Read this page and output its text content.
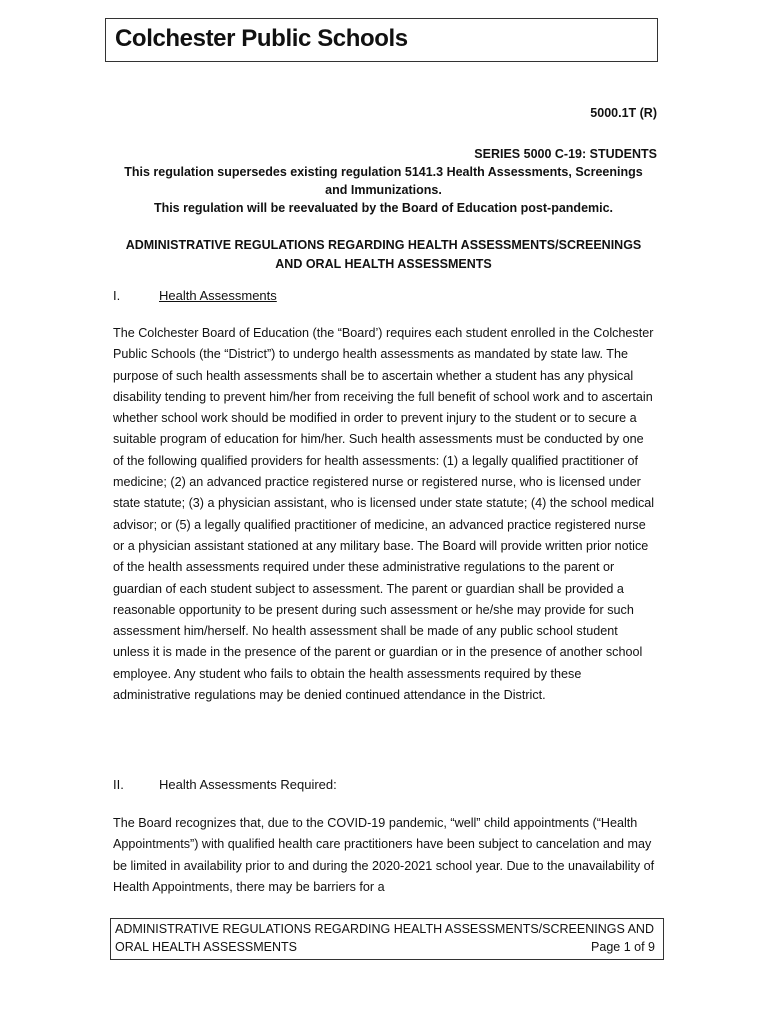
Colchester Public Schools
5000.1T (R)
SERIES 5000 C-19: STUDENTS
This regulation supersedes existing regulation 5141.3 Health Assessments, Screenings
and Immunizations.
This regulation will be reevaluated by the Board of Education post-pandemic.
ADMINISTRATIVE REGULATIONS REGARDING HEALTH ASSESSMENTS/SCREENINGS
AND ORAL HEALTH ASSESSMENTS
I.	Health Assessments
The Colchester Board of Education (the “Board’) requires each student enrolled in the Colchester Public Schools (the “District”) to undergo health assessments as mandated by state law. The purpose of such health assessments shall be to ascertain whether a student has any physical disability tending to prevent him/her from receiving the full benefit of school work and to ascertain whether school work should be modified in order to prevent injury to the student or to secure a suitable program of education for him/her. Such health assessments must be conducted by one of the following qualified providers for health assessments: (1) a legally qualified practitioner of medicine; (2) an advanced practice registered nurse or registered nurse, who is licensed under state statute; (3) a physician assistant, who is licensed under state statute; (4) the school medical advisor; or (5) a legally qualified practitioner of medicine, an advanced practice registered nurse or a physician assistant stationed at any military base. The Board will provide written prior notice of the health assessments required under these administrative regulations to the parent or guardian of each student subject to assessment. The parent or guardian shall be provided a reasonable opportunity to be present during such assessment or he/she may provide for such assessment him/herself. No health assessment shall be made of any public school student unless it is made in the presence of the parent or guardian or in the presence of another school employee. Any student who fails to obtain the health assessments required by these administrative regulations may be denied continued attendance in the District.
II.	Health Assessments Required:
The Board recognizes that, due to the COVID-19 pandemic, “well” child appointments (“Health Appointments”) with qualified health care practitioners have been subject to cancelation and may be limited in availability prior to and during the 2020-2021 school year. Due to the unavailability of Health Appointments, there may be barriers for a
ADMINISTRATIVE REGULATIONS REGARDING HEALTH ASSESSMENTS/SCREENINGS AND
ORAL HEALTH ASSESSMENTS	Page 1 of 9
